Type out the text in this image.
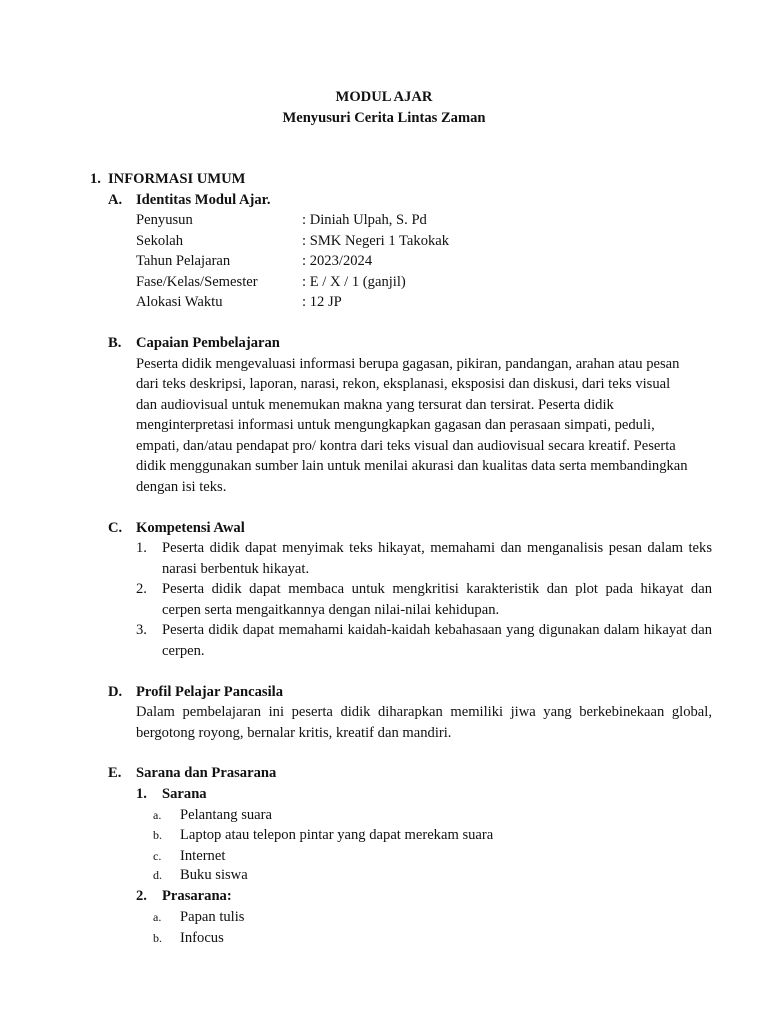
MODUL AJAR
Menyusuri Cerita Lintas Zaman
1. INFORMASI UMUM
A. Identitas Modul Ajar.
Penyusun	: Diniah Ulpah, S. Pd
Sekolah	: SMK Negeri 1 Takokak
Tahun Pelajaran	: 2023/2024
Fase/Kelas/Semester	: E / X / 1 (ganjil)
Alokasi Waktu	: 12 JP
B. Capaian Pembelajaran
Peserta didik mengevaluasi informasi berupa gagasan, pikiran, pandangan, arahan atau pesan
dari teks deskripsi, laporan, narasi, rekon, eksplanasi, eksposisi dan diskusi, dari teks visual
dan audiovisual untuk menemukan makna yang tersurat dan tersirat. Peserta didik
menginterpretasi informasi untuk mengungkapkan gagasan dan perasaan simpati, peduli,
empati, dan/atau pendapat pro/ kontra dari teks visual dan audiovisual secara kreatif. Peserta
didik menggunakan sumber lain untuk menilai akurasi dan kualitas data serta membandingkan
dengan isi teks.
C. Kompetensi Awal
1. Peserta didik dapat menyimak teks hikayat, memahami dan menganalisis pesan dalam teks narasi berbentuk hikayat.
2. Peserta didik dapat membaca untuk mengkritisi karakteristik dan plot pada hikayat dan cerpen serta mengaitkannya dengan nilai-nilai kehidupan.
3. Peserta didik dapat memahami kaidah-kaidah kebahasaan yang digunakan dalam hikayat dan cerpen.
D. Profil Pelajar Pancasila
Dalam pembelajaran ini peserta didik diharapkan memiliki jiwa yang berkebinekaan global, bergotong royong, bernalar kritis, kreatif dan mandiri.
E. Sarana dan Prasarana
1. Sarana
a. Pelantang suara
b. Laptop atau telepon pintar yang dapat merekam suara
c. Internet
d. Buku siswa
2. Prasarana:
a. Papan tulis
b. Infocus
